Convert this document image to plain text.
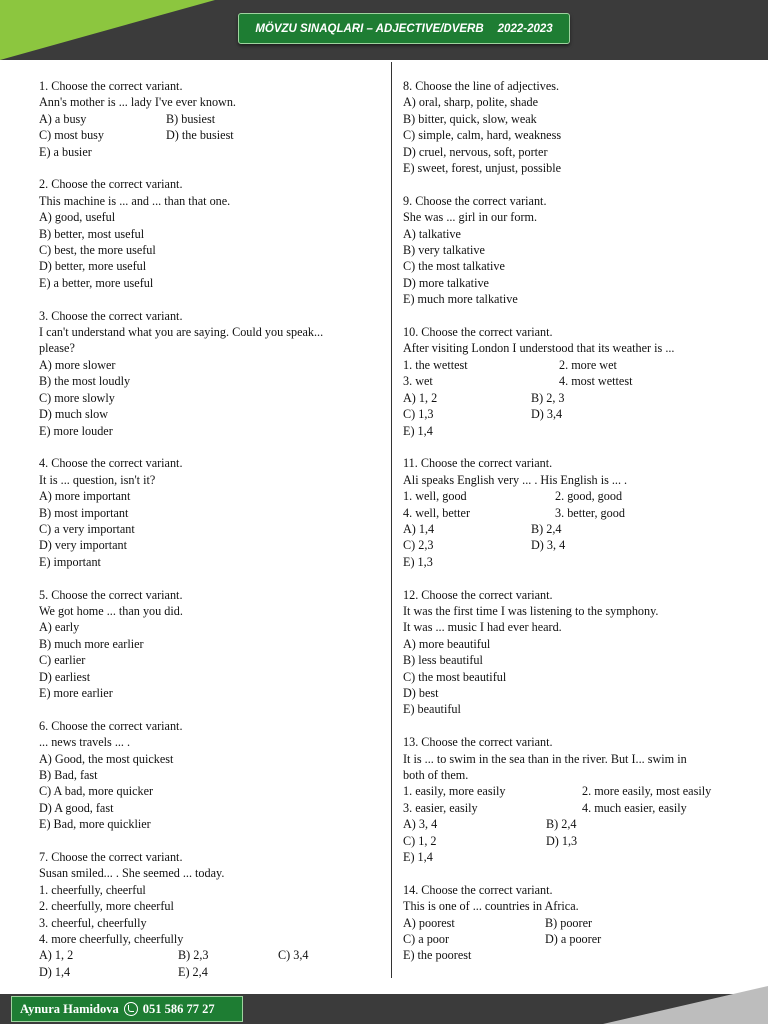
MÖVZU SINAQLARI – ADJECTIVE/DVERB 2022-2023
1. Choose the correct variant.
Ann's mother is ... lady I've ever known.
A) a busy	B) busiest
C) most busy	D) the busiest
E) a busier
2. Choose the correct variant.
This machine is ... and ... than that one.
A) good, useful
B) better, most useful
C) best, the more useful
D) better, more useful
E) a better, more useful
3. Choose the correct variant.
I can't understand what you are saying. Could you speak...
please?
A) more slower
B) the most loudly
C) more slowly
D) much slow
E) more louder
4. Choose the correct variant.
It is ... question, isn't it?
A) more important
B) most important
C) a very important
D) very important
E) important
5. Choose the correct variant.
We got home ... than you did.
A) early
B) much more earlier
C) earlier
D) earliest
E) more earlier
6. Choose the correct variant.
... news travels ... .
A) Good, the most quickest
B) Bad, fast
C) A bad, more quicker
D) A good, fast
E) Bad, more quicklier
7. Choose the correct variant.
Susan smiled... . She seemed ... today.
1. cheerfully, cheerful
2. cheerfully, more cheerful
3. cheerful, cheerfully
4. more cheerfully, cheerfully
A) 1, 2	B) 2,3	C) 3,4
D) 1,4	E) 2,4
8. Choose the line of adjectives.
A) oral, sharp, polite, shade
B) bitter, quick, slow, weak
C) simple, calm, hard, weakness
D) cruel, nervous, soft, porter
E) sweet, forest, unjust, possible
9. Choose the correct variant.
She was ... girl in our form.
A) talkative
B) very talkative
C) the most talkative
D) more talkative
E) much more talkative
10. Choose the correct variant.
After visiting London I understood that its weather is ...
1. the wettest	2. more wet
3. wet	4. most wettest
A) 1, 2	B) 2, 3
C) 1,3	D) 3,4
E) 1,4
11. Choose the correct variant.
Ali speaks English very ... . His English is ... .
1. well, good	2. good, good
4. well, better	3. better, good
A) 1,4	B) 2,4
C) 2,3	D) 3, 4
E) 1,3
12. Choose the correct variant.
It was the first time I was listening to the symphony.
It was ... music I had ever heard.
A) more beautiful
B) less beautiful
C) the most beautiful
D) best
E) beautiful
13. Choose the correct variant.
It is ... to swim in the sea than in the river. But I... swim in
both of them.
1. easily, more easily	2. more easily, most easily
3. easier, easily	4. much easier, easily
A) 3, 4	B) 2,4
C) 1, 2	D) 1,3
E) 1,4
14. Choose the correct variant.
This is one of ... countries in Africa.
A) poorest	B) poorer
C) a poor	D) a poorer
E) the poorest
Aynura Hamidova 051 586 77 27
